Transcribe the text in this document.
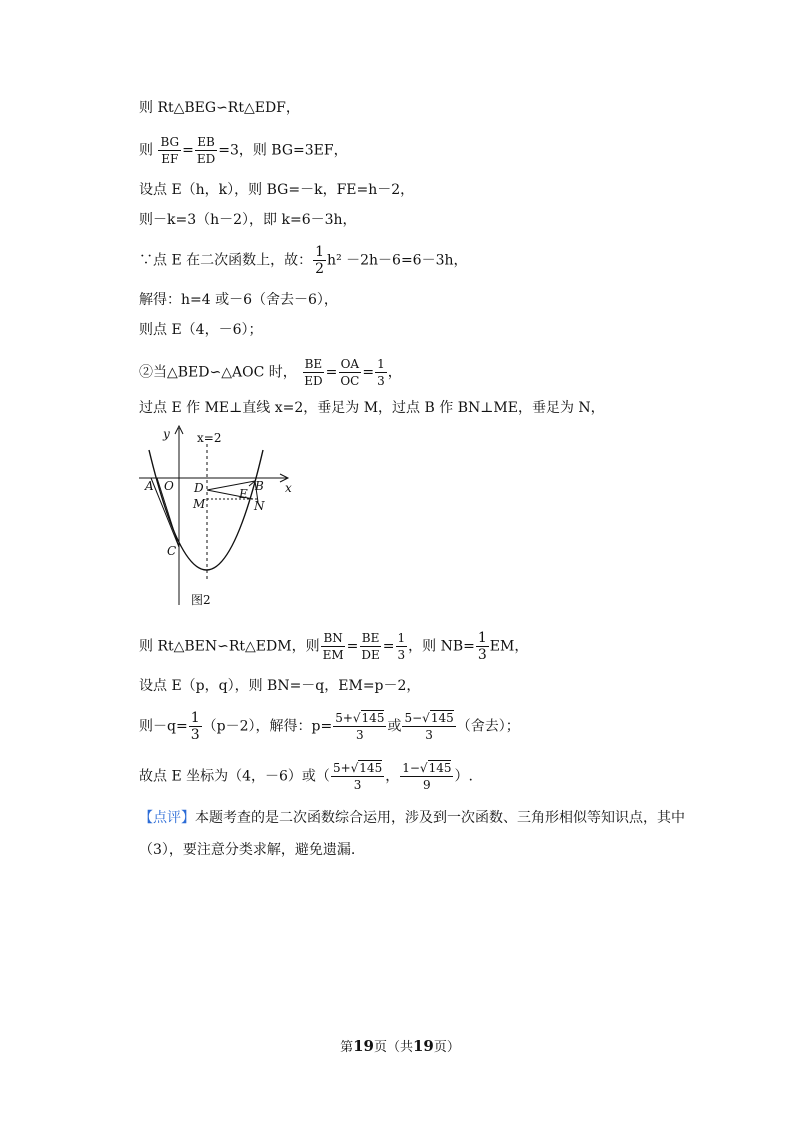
则 Rt△BEG∽Rt△EDF，
则 $\frac{BG}{EF} = \frac{EB}{ED} =3$，则 BG=3EF，
设点 E（h，k），则 BG=－k，FE=h－2，
则－k=3（h－2），即 k=6－3h，
∵点 E 在二次函数上，故： $\frac{1}{2} h^2 -2h-6=6-3h$，
解得：h=4 或－6（舍去－6），
则点 E（4，－6）；
②当△BED∽△AOC 时， $\frac{BE}{ED} = \frac{OA}{OC} = \frac{1}{3}$ ，
过点 E 作 ME⊥直线 x=2，垂足为 M，过点 B 作 BN⊥ME，垂足为 N，
A O D	B
E
M	N
C
y
x
x=2
图2
则 Rt△BEN∽Rt△EDM，则 $\frac{BN}{EM} = \frac{BE}{DE} = \frac{1}{3}$ ，则 $NB= \frac{1}{3}$ EM，
设点 E（p，q），则 BN=－q，EM=p－2，
则$-q= \frac{1}{3} (p-2)$，解得：$p= \frac{5+√145}{3}$ 或 $\frac{5-√145}{3}$ （舍去）；
故点 E 坐标为（4，－6）或（ $\frac{5+√145}{3}$ ， $\frac{1-√145}{9}$ ）.
【点评】本题考查的是二次函数综合运用，涉及到一次函数、三角形相似等知识点，其中
（3），要注意分类求解，避免遗漏.
第19页（共19页）
